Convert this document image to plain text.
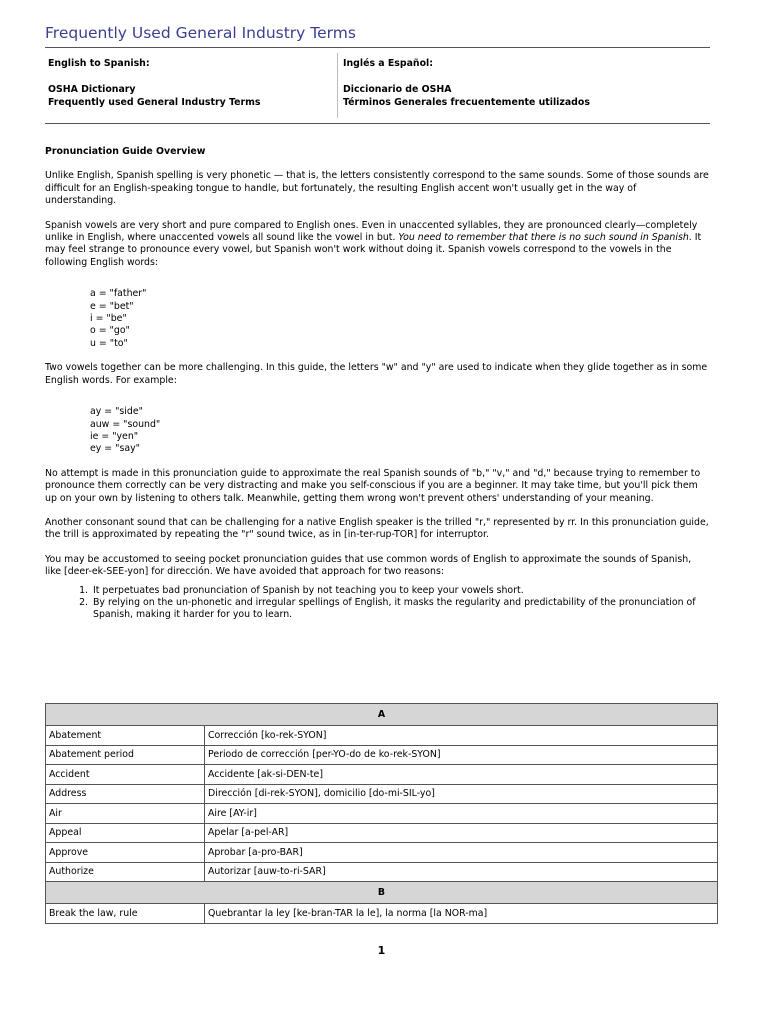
Frequently Used General Industry Terms
English to Spanish:
OSHA Dictionary
Frequently used General Industry Terms
Inglés a Español:
Diccionario de OSHA
Términos Generales frecuentemente utilizados

Pronunciation Guide Overview

Unlike English, Spanish spelling is very phonetic — that is, the letters consistently correspond to the same sounds. Some of those sounds are difficult for an English-speaking tongue to handle, but fortunately, the resulting English accent won't usually get in the way of understanding.

Spanish vowels are very short and pure compared to English ones. Even in unaccented syllables, they are pronounced clearly—completely unlike in English, where unaccented vowels all sound like the vowel in but. You need to remember that there is no such sound in Spanish. It may feel strange to pronounce every vowel, but Spanish won't work without doing it. Spanish vowels correspond to the vowels in the following English words:

a = "father"
e = "bet"
i = "be"
o = "go"
u = "to"

Two vowels together can be more challenging. In this guide, the letters "w" and "y" are used to indicate when they glide together as in some English words. For example:

ay = "side"
auw = "sound"
ie = "yen"
ey = "say"

No attempt is made in this pronunciation guide to approximate the real Spanish sounds of "b," "v," and "d," because trying to remember to pronounce them correctly can be very distracting and make you self-conscious if you are a beginner. It may take time, but you'll pick them up on your own by listening to others talk. Meanwhile, getting them wrong won't prevent others' understanding of your meaning.

Another consonant sound that can be challenging for a native English speaker is the trilled "r," represented by rr. In this pronunciation guide, the trill is approximated by repeating the "r" sound twice, as in [in-ter-rup-TOR] for interruptor.

You may be accustomed to seeing pocket pronunciation guides that use common words of English to approximate the sounds of Spanish, like [deer-ek-SEE-yon] for dirección. We have avoided that approach for two reasons:

1. It perpetuates bad pronunciation of Spanish by not teaching you to keep your vowels short.
2. By relying on the un-phonetic and irregular spellings of English, it masks the regularity and predictability of the pronunciation of Spanish, making it harder for you to learn.
A	
Abatement	Corrección [ko-rek-SYON]
Abatement period	Periodo de corrección [per-YO-do de ko-rek-SYON]
Accident	Accidente [ak-si-DEN-te]
Address	Dirección [di-rek-SYON], domicilio [do-mi-SIL-yo]
Air	Aire [AY-ir]
Appeal	Apelar [a-pel-AR]
Approve	Aprobar [a-pro-BAR]
Authorize	Autorizar [auw-to-ri-SAR]
B	
Break the law, rule	Quebrantar la ley [ke-bran-TAR la le], la norma [la NOR-ma]
1
